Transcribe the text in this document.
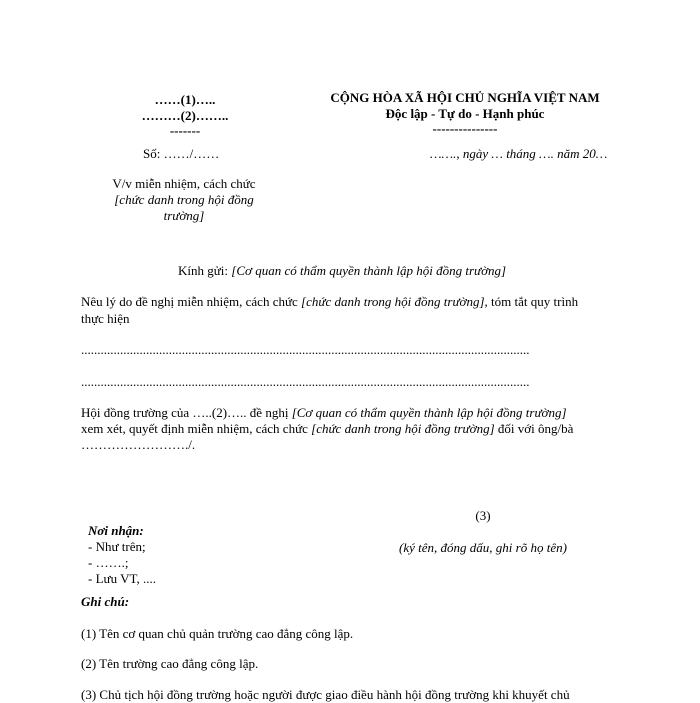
……(1)…..
………(2)……..
-------
Số: ……/……
CỘNG HÒA XÃ HỘI CHỦ NGHĨA VIỆT NAM
Độc lập - Tự do - Hạnh phúc
---------------
……., ngày … tháng …. năm 20…
V/v miễn nhiệm, cách chức
[chức danh trong hội đồng
trường]
Kính gửi: [Cơ quan có thẩm quyền thành lập hội đồng trường]
Nêu lý do đề nghị miễn nhiệm, cách chức [chức danh trong hội đồng trường], tóm tắt quy trình
thực hiện
..........................................................................................................................................
..........................................................................................................................................
Hội đồng trường của …..(2)….. đề nghị [Cơ quan có thẩm quyền thành lập hội đồng trường]
xem xét, quyết định miễn nhiệm, cách chức [chức danh trong hội đồng trường] đối với ông/bà
……………………./.
(3)
(ký tên, đóng dấu, ghi rõ họ tên)
Nơi nhận:
- Như trên;
- …….;
- Lưu VT, ....
Ghi chú:
(1) Tên cơ quan chủ quản trường cao đẳng công lập.
(2) Tên trường cao đẳng công lập.
(3) Chủ tịch hội đồng trường hoặc người được giao điều hành hội đồng trường khi khuyết chủ
